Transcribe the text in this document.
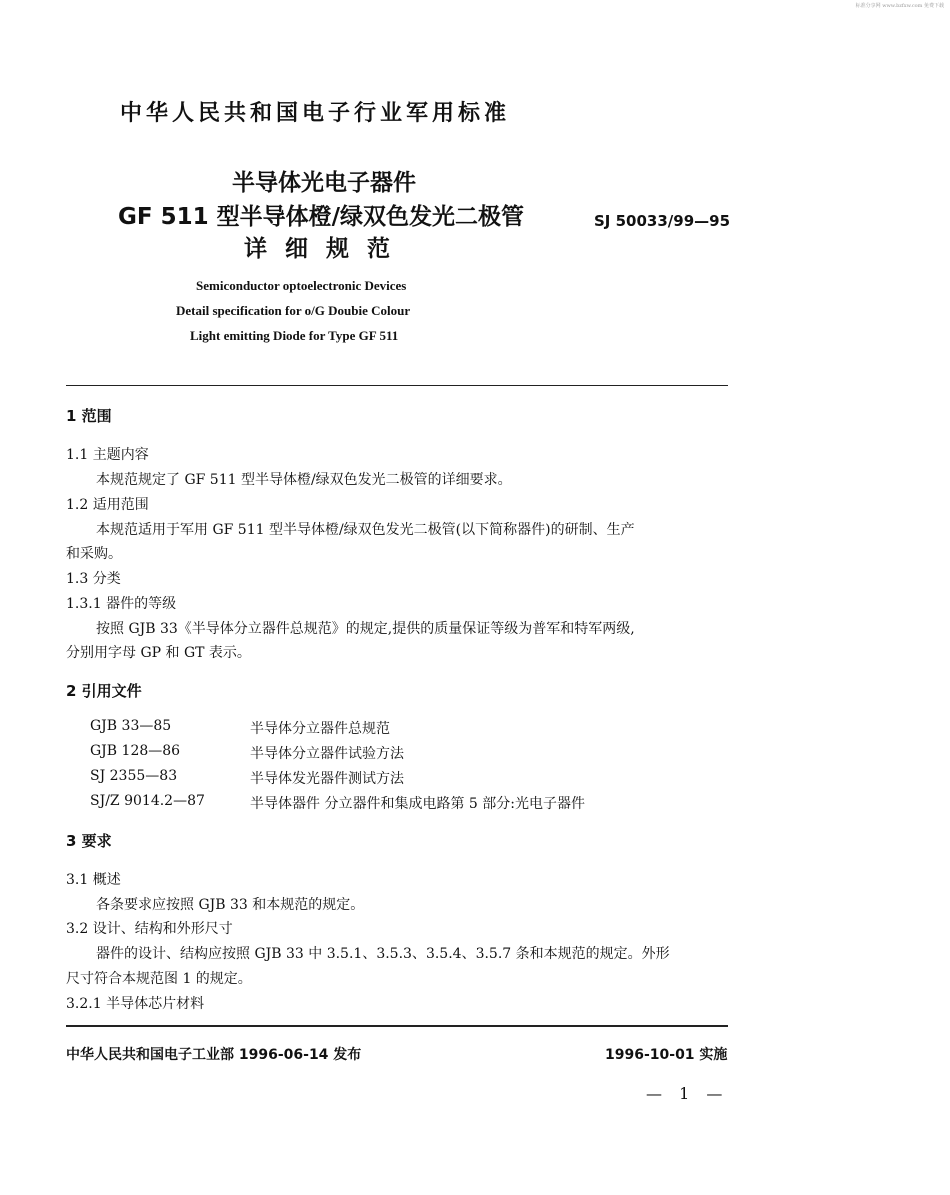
标准分享网 www.bzfxw.com 免费下载
中华人民共和国电子行业军用标准
半导体光电子器件
GF 511 型半导体橙/绿双色发光二极管
详细规范
SJ 50033/99—95
Semiconductor optoelectronic Devices
Detail specification for o/G Doubie Colour
Light emitting Diode for Type GF 511
1 范围
1.1 主题内容
本规范规定了 GF 511 型半导体橙/绿双色发光二极管的详细要求。
1.2 适用范围
本规范适用于军用 GF 511 型半导体橙/绿双色发光二极管(以下简称器件)的研制、生产
和采购。
1.3 分类
1.3.1 器件的等级
按照 GJB 33《半导体分立器件总规范》的规定,提供的质量保证等级为普军和特军两级,
分别用字母 GP 和 GT 表示。
2 引用文件
GJB 33—85	半导体分立器件总规范
GJB 128—86	半导体分立器件试验方法
SJ 2355—83	半导体发光器件测试方法
SJ/Z 9014.2—87	半导体器件 分立器件和集成电路第 5 部分:光电子器件
3 要求
3.1 概述
各条要求应按照 GJB 33 和本规范的规定。
3.2 设计、结构和外形尺寸
器件的设计、结构应按照 GJB 33 中 3.5.1、3.5.3、3.5.4、3.5.7 条和本规范的规定。外形
尺寸符合本规范图 1 的规定。
3.2.1 半导体芯片材料
中华人民共和国电子工业部 1996-06-14 发布	1996-10-01 实施
— 1 —
